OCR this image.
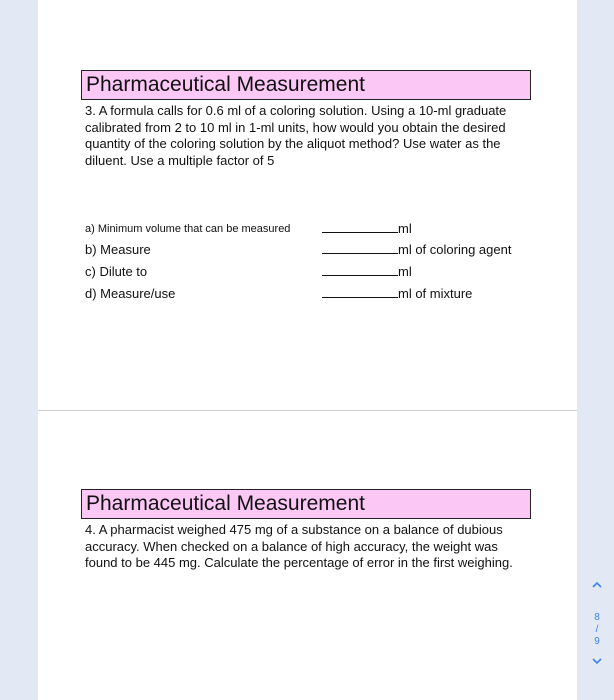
Pharmaceutical Measurement
3. A formula calls for 0.6 ml of a coloring solution. Using a 10-ml graduate calibrated from 2 to 10 ml in 1-ml units, how would you obtain the desired quantity of the coloring solution by the aliquot method? Use water as the diluent. Use a multiple factor of 5
a) Minimum volume that can be measured	ml
b) Measure	ml of coloring agent
c) Dilute to	ml
d) Measure/use	ml of mixture
Pharmaceutical Measurement
4. A pharmacist weighed 475 mg of a substance on a balance of dubious accuracy. When checked on a balance of high accuracy, the weight was found to be 445 mg. Calculate the percentage of error in the first weighing.
8
/
9
